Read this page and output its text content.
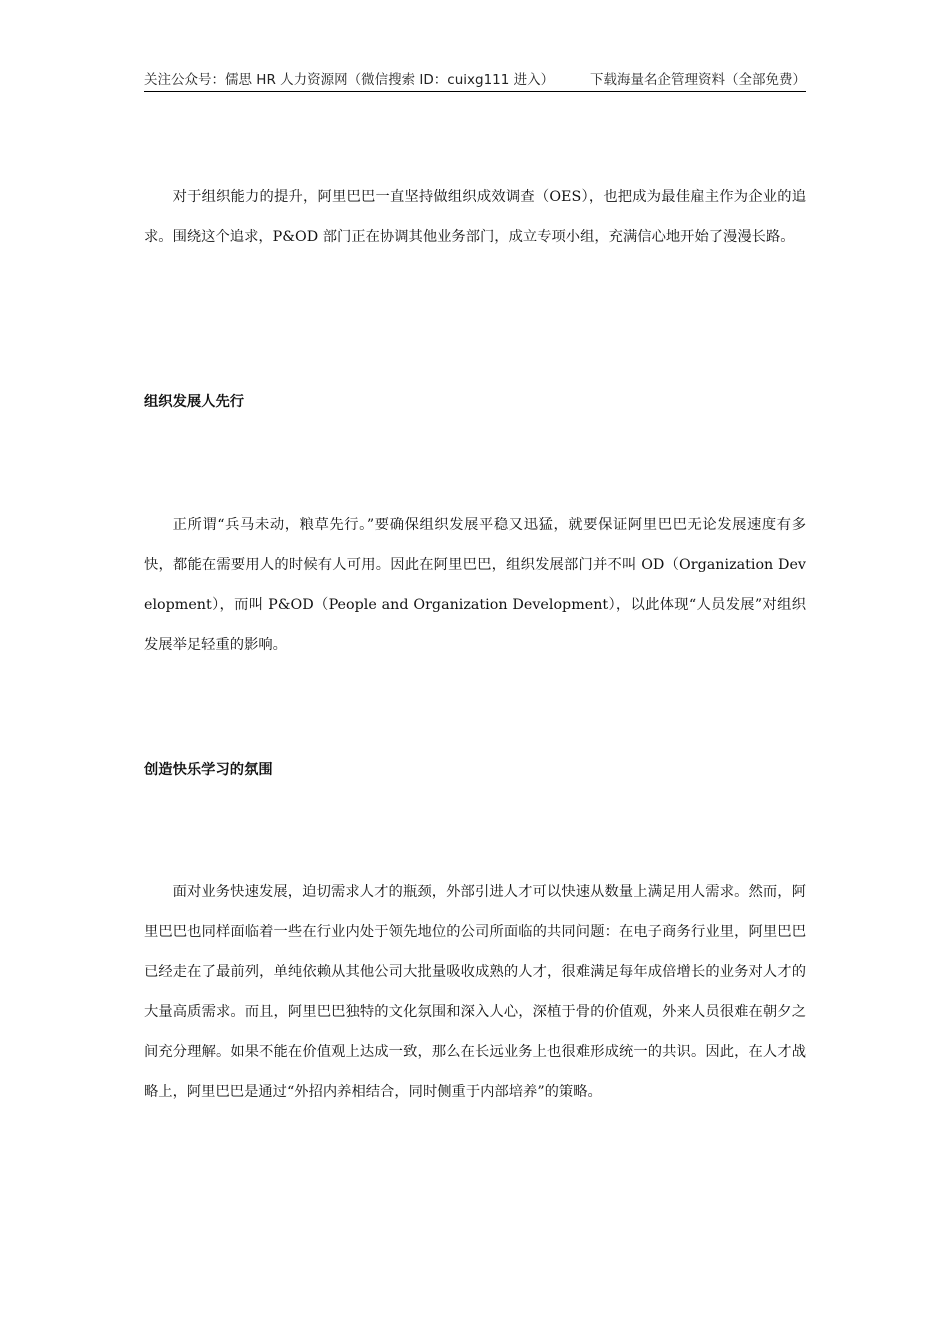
关注公众号：儒思 HR 人力资源网（微信搜索 ID：cuixg111 进入）	下载海量名企管理资料（全部免费）

对于组织能力的提升，阿里巴巴一直坚持做组织成效调查（OES），也把成为最佳雇主作为企业的追求。围绕这个追求，P&OD 部门正在协调其他业务部门，成立专项小组，充满信心地开始了漫漫长路。

组织发展人先行

正所谓“兵马未动，粮草先行。”要确保组织发展平稳又迅猛，就要保证阿里巴巴无论发展速度有多快，都能在需要用人的时候有人可用。因此在阿里巴巴，组织发展部门并不叫 OD（Organization Development），而叫 P&OD（People and Organization Development），以此体现“人员发展”对组织发展举足轻重的影响。

创造快乐学习的氛围

面对业务快速发展，迫切需求人才的瓶颈，外部引进人才可以快速从数量上满足用人需求。然而，阿里巴巴也同样面临着一些在行业内处于领先地位的公司所面临的共同问题：在电子商务行业里，阿里巴巴已经走在了最前列，单纯依赖从其他公司大批量吸收成熟的人才，很难满足每年成倍增长的业务对人才的大量高质需求。而且，阿里巴巴独特的文化氛围和深入人心，深植于骨的价值观，外来人员很难在朝夕之间充分理解。如果不能在价值观上达成一致，那么在长远业务上也很难形成统一的共识。因此，在人才战略上，阿里巴巴是通过“外招内养相结合，同时侧重于内部培养”的策略。
